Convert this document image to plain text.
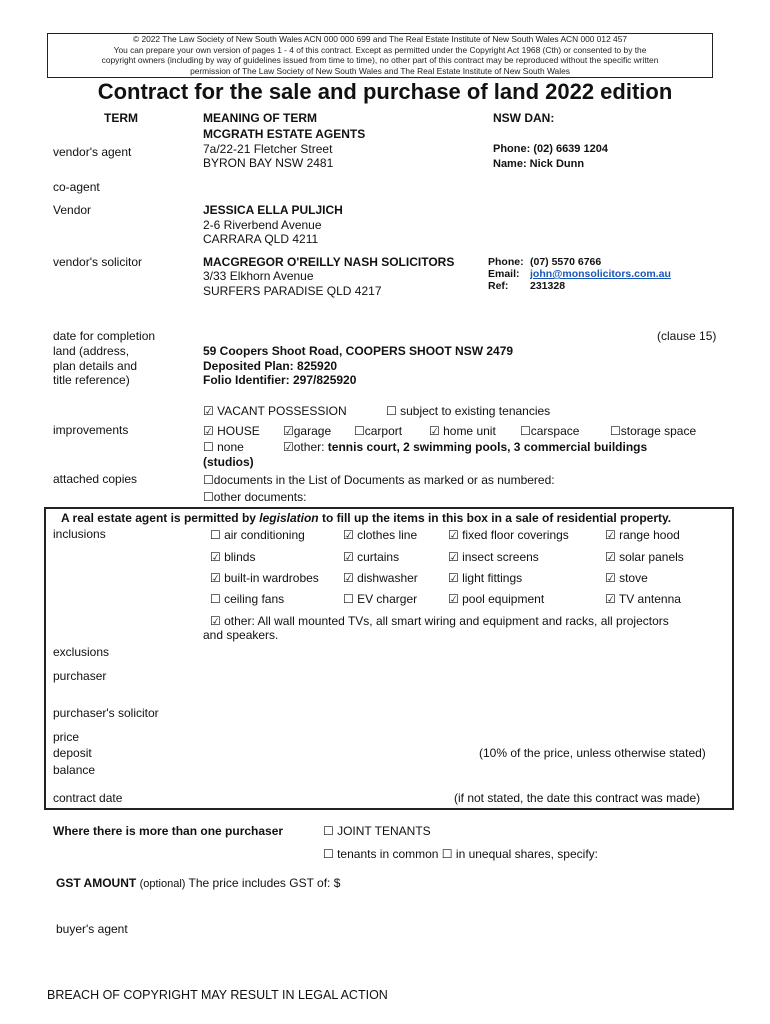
© 2022 The Law Society of New South Wales ACN 000 000 699 and The Real Estate Institute of New South Wales ACN 000 012 457
You can prepare your own version of pages 1 - 4 of this contract. Except as permitted under the Copyright Act 1968 (Cth) or consented to by the
copyright owners (including by way of guidelines issued from time to time), no other part of this contract may be reproduced without the specific written
permission of The Law Society of New South Wales and The Real Estate Institute of New South Wales
Contract for the sale and purchase of land 2022 edition
TERM	MEANING OF TERM	NSW DAN:
vendor's agent
MCGRATH ESTATE AGENTS
7a/22-21 Fletcher Street
BYRON BAY NSW 2481
Phone: (02) 6639 1204
Name: Nick Dunn
co-agent
Vendor	JESSICA ELLA PULJICH
2-6 Riverbend Avenue
CARRARA QLD 4211
vendor's solicitor	MACGREGOR O'REILLY NASH SOLICITORS
3/33 Elkhorn Avenue
SURFERS PARADISE QLD 4217
Phone: (07) 5570 6766
Email: john@monsolicitors.com.au
Ref: 231328
date for completion	(clause 15)
land (address,
plan details and
title reference)
59 Coopers Shoot Road, COOPERS SHOOT NSW 2479
Deposited Plan: 825920
Folio Identifier: 297/825920
☑ VACANT POSSESSION	☐ subject to existing tenancies
improvements	☑ HOUSE ☑garage ☐carport ☑ home unit ☐carspace	☐storage space
☐ none	☑other: tennis court, 2 swimming pools, 3 commercial buildings
(studios)
attached copies	☐documents in the List of Documents as marked or as numbered:
☐other documents:
A real estate agent is permitted by legislation to fill up the items in this box in a sale of residential property.
inclusions	☐ air conditioning	☑ clothes line	☑ fixed floor coverings	☑ range hood
☑ blinds	☑ curtains	☑ insect screens	☑ solar panels
☑ built-in wardrobes ☑ dishwasher	☑ light fittings	☑ stove
☐ ceiling fans	☐ EV charger	☑ pool equipment	☑ TV antenna
☑ other: All wall mounted TVs, all smart wiring and equipment and racks, all projectors
and speakers.
exclusions
purchaser
purchaser's solicitor
price
deposit	(10% of the price, unless otherwise stated)
balance
contract date	(if not stated, the date this contract was made)
Where there is more than one purchaser	☐ JOINT TENANTS
☐ tenants in common ☐ in unequal shares, specify:
GST AMOUNT (optional) The price includes GST of: $
buyer's agent
BREACH OF COPYRIGHT MAY RESULT IN LEGAL ACTION
